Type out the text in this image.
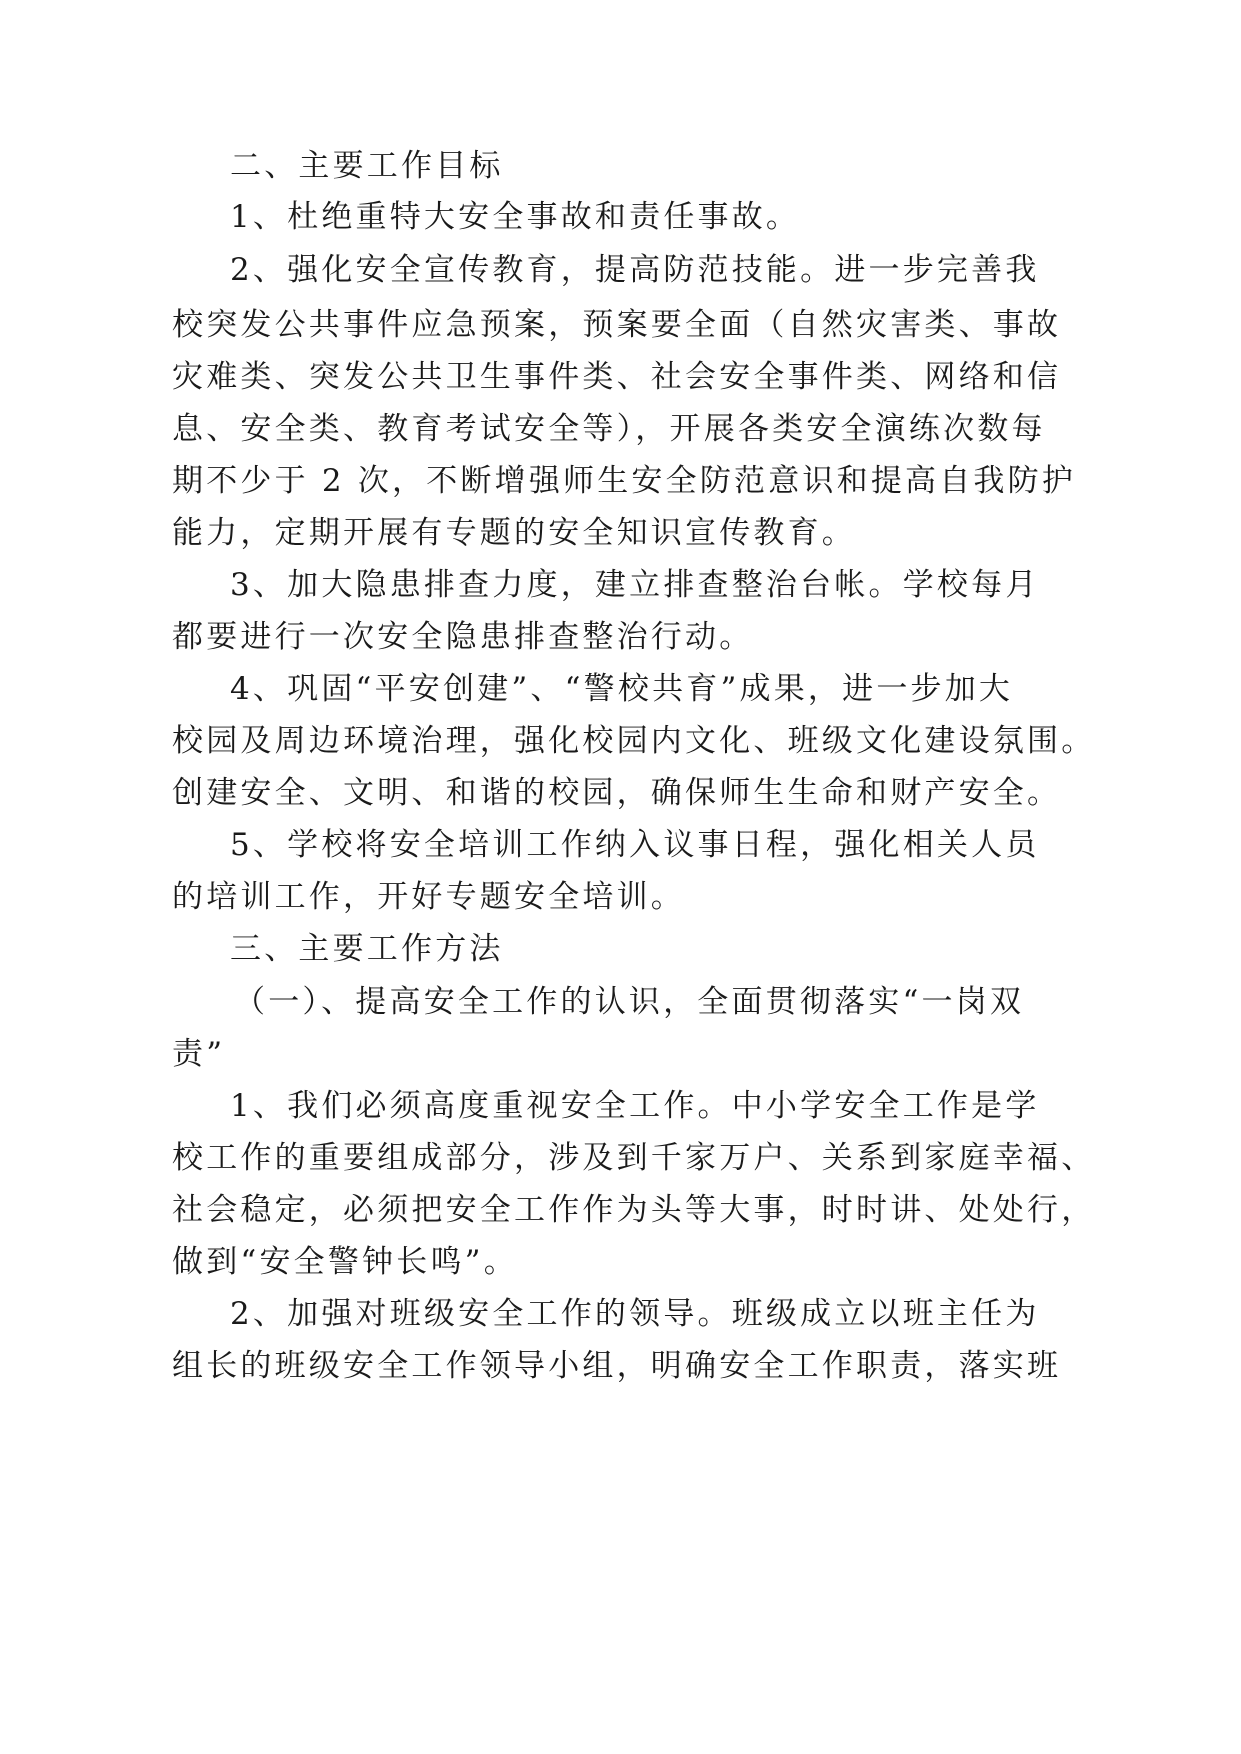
二、主要工作目标

1、杜绝重特大安全事故和责任事故。

2、强化安全宣传教育，提高防范技能。进一步完善我

校突发公共事件应急预案，预案要全面（自然灾害类、事故

灾难类、突发公共卫生事件类、社会安全事件类、网络和信

息、安全类、教育考试安全等），开展各类安全演练次数每

期不少于 2 次，不断增强师生安全防范意识和提高自我防护

能力，定期开展有专题的安全知识宣传教育。

3、加大隐患排查力度，建立排查整治台帐。学校每月

都要进行一次安全隐患排查整治行动。

4、巩固“平安创建”、“警校共育”成果，进一步加大

校园及周边环境治理，强化校园内文化、班级文化建设氛围。

创建安全、文明、和谐的校园，确保师生生命和财产安全。

5、学校将安全培训工作纳入议事日程，强化相关人员

的培训工作，开好专题安全培训。

三、主要工作方法

（一）、提高安全工作的认识，全面贯彻落实“一岗双

责”

1、我们必须高度重视安全工作。中小学安全工作是学

校工作的重要组成部分，涉及到千家万户、关系到家庭幸福、

社会稳定，必须把安全工作作为头等大事，时时讲、处处行，

做到“安全警钟长鸣”。

2、加强对班级安全工作的领导。班级成立以班主任为

组长的班级安全工作领导小组，明确安全工作职责，落实班
